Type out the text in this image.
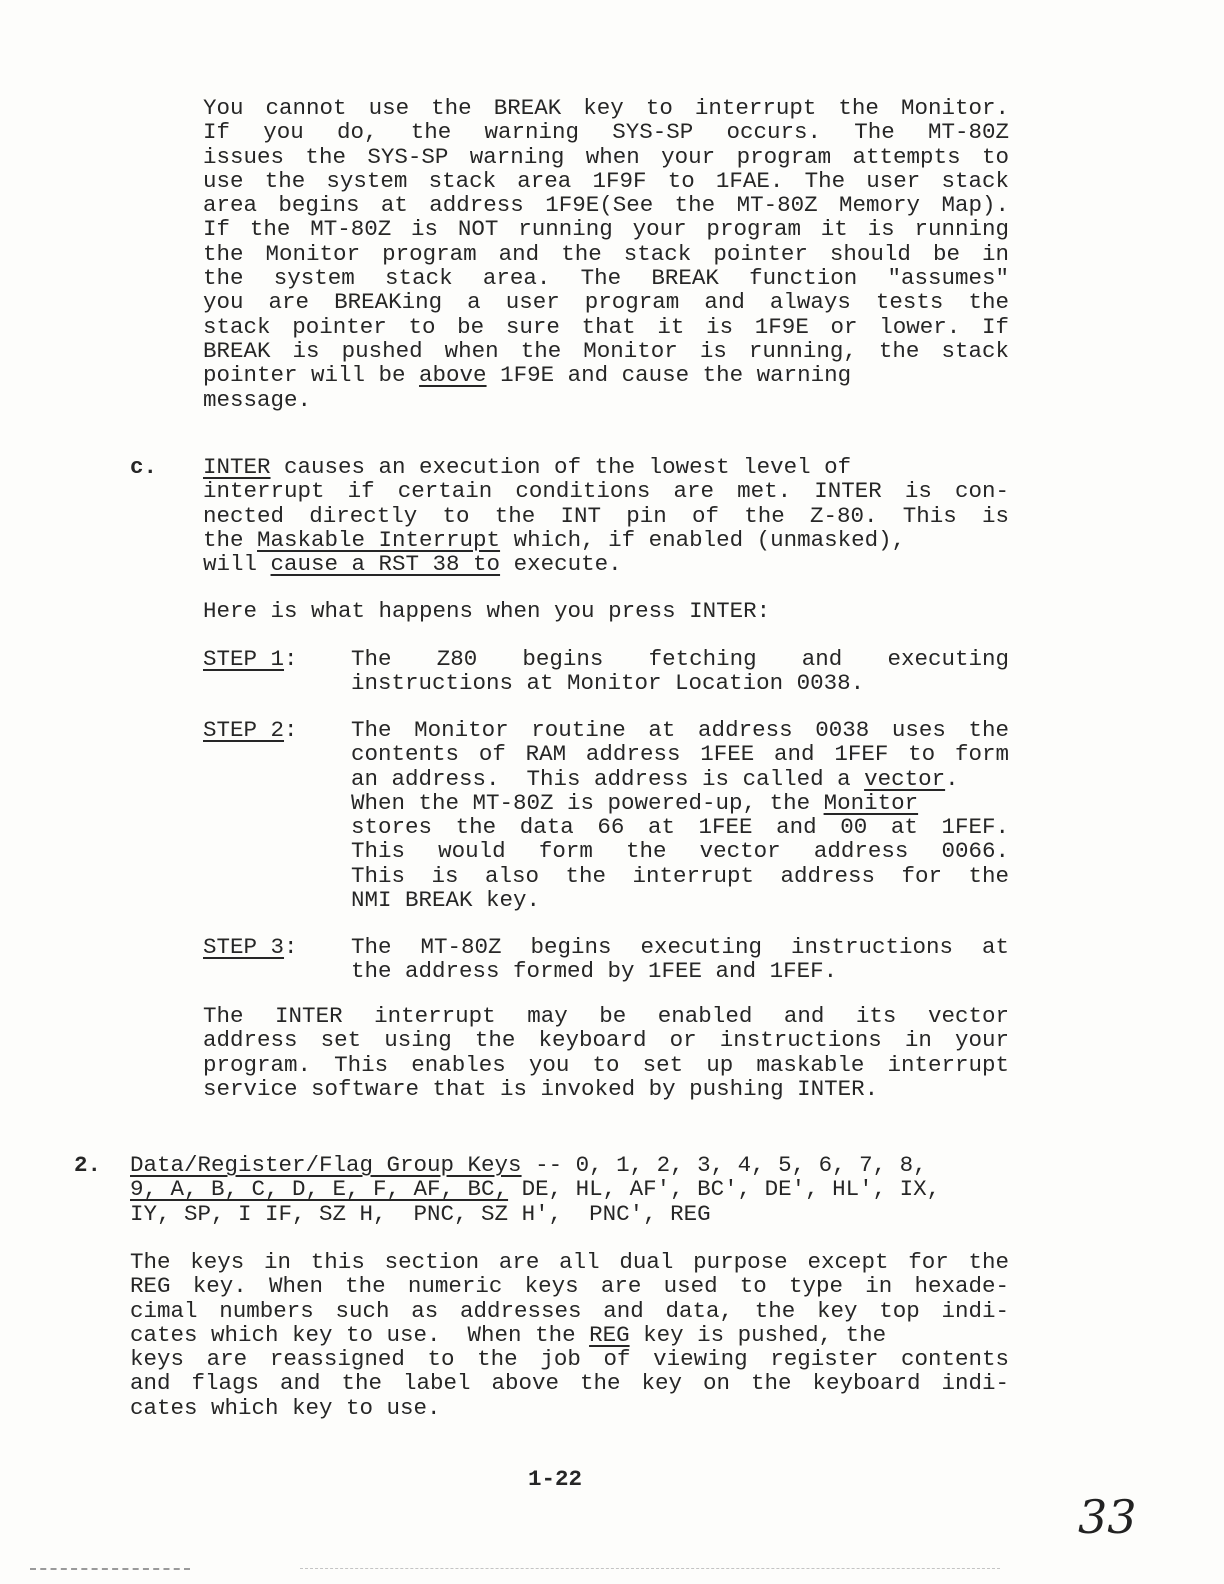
You cannot use the BREAK key to interrupt the Monitor.
If you do, the warning SYS-SP occurs. The MT-80Z
issues the SYS-SP warning when your program attempts to
use the system stack area 1F9F to 1FAE. The user stack
area begins at address 1F9E(See the MT-80Z Memory Map).
If the MT-80Z is NOT running your program it is running
the Monitor program and the stack pointer should be in
the system stack area. The BREAK function "assumes"
you are BREAKing a user program and always tests the
stack pointer to be sure that it is 1F9E or lower. If
BREAK is pushed when the Monitor is running, the stack
pointer will be above 1F9E and cause the warning
message.
c. INTER causes an execution of the lowest level of
interrupt if certain conditions are met. INTER is con-
nected directly to the INT pin of the Z-80. This is
the Maskable Interrupt which, if enabled (unmasked),
will cause a RST 38 to execute.
Here is what happens when you press INTER:
STEP 1: The Z80 begins fetching and executing
instructions at Monitor Location 0038.
STEP 2: The Monitor routine at address 0038 uses the
contents of RAM address 1FEE and 1FEF to form
an address.  This address is called a vector.
When the MT-80Z is powered-up, the Monitor
stores the data 66 at 1FEE and 00 at 1FEF.
This would form the vector address 0066.
This is also the interrupt address for the
NMI BREAK key.
STEP 3: The MT-80Z begins executing instructions at
the address formed by 1FEE and 1FEF.
The INTER interrupt may be enabled and its vector
address set using the keyboard or instructions in your
program. This enables you to set up maskable interrupt
service software that is invoked by pushing INTER.
2. Data/Register/Flag Group Keys -- 0, 1, 2, 3, 4, 5, 6, 7, 8,
9, A, B, C, D, E, F, AF, BC, DE, HL, AF', BC', DE', HL', IX,
IY, SP, I IF, SZ H,  PNC, SZ H',  PNC', REG
The keys in this section are all dual purpose except for the
REG key. When the numeric keys are used to type in hexade-
cimal numbers such as addresses and data, the key top indi-
cates which key to use.  When the REG key is pushed, the
keys are reassigned to the job of viewing register contents
and flags and the label above the key on the keyboard indi-
cates which key to use.
1-22
33
